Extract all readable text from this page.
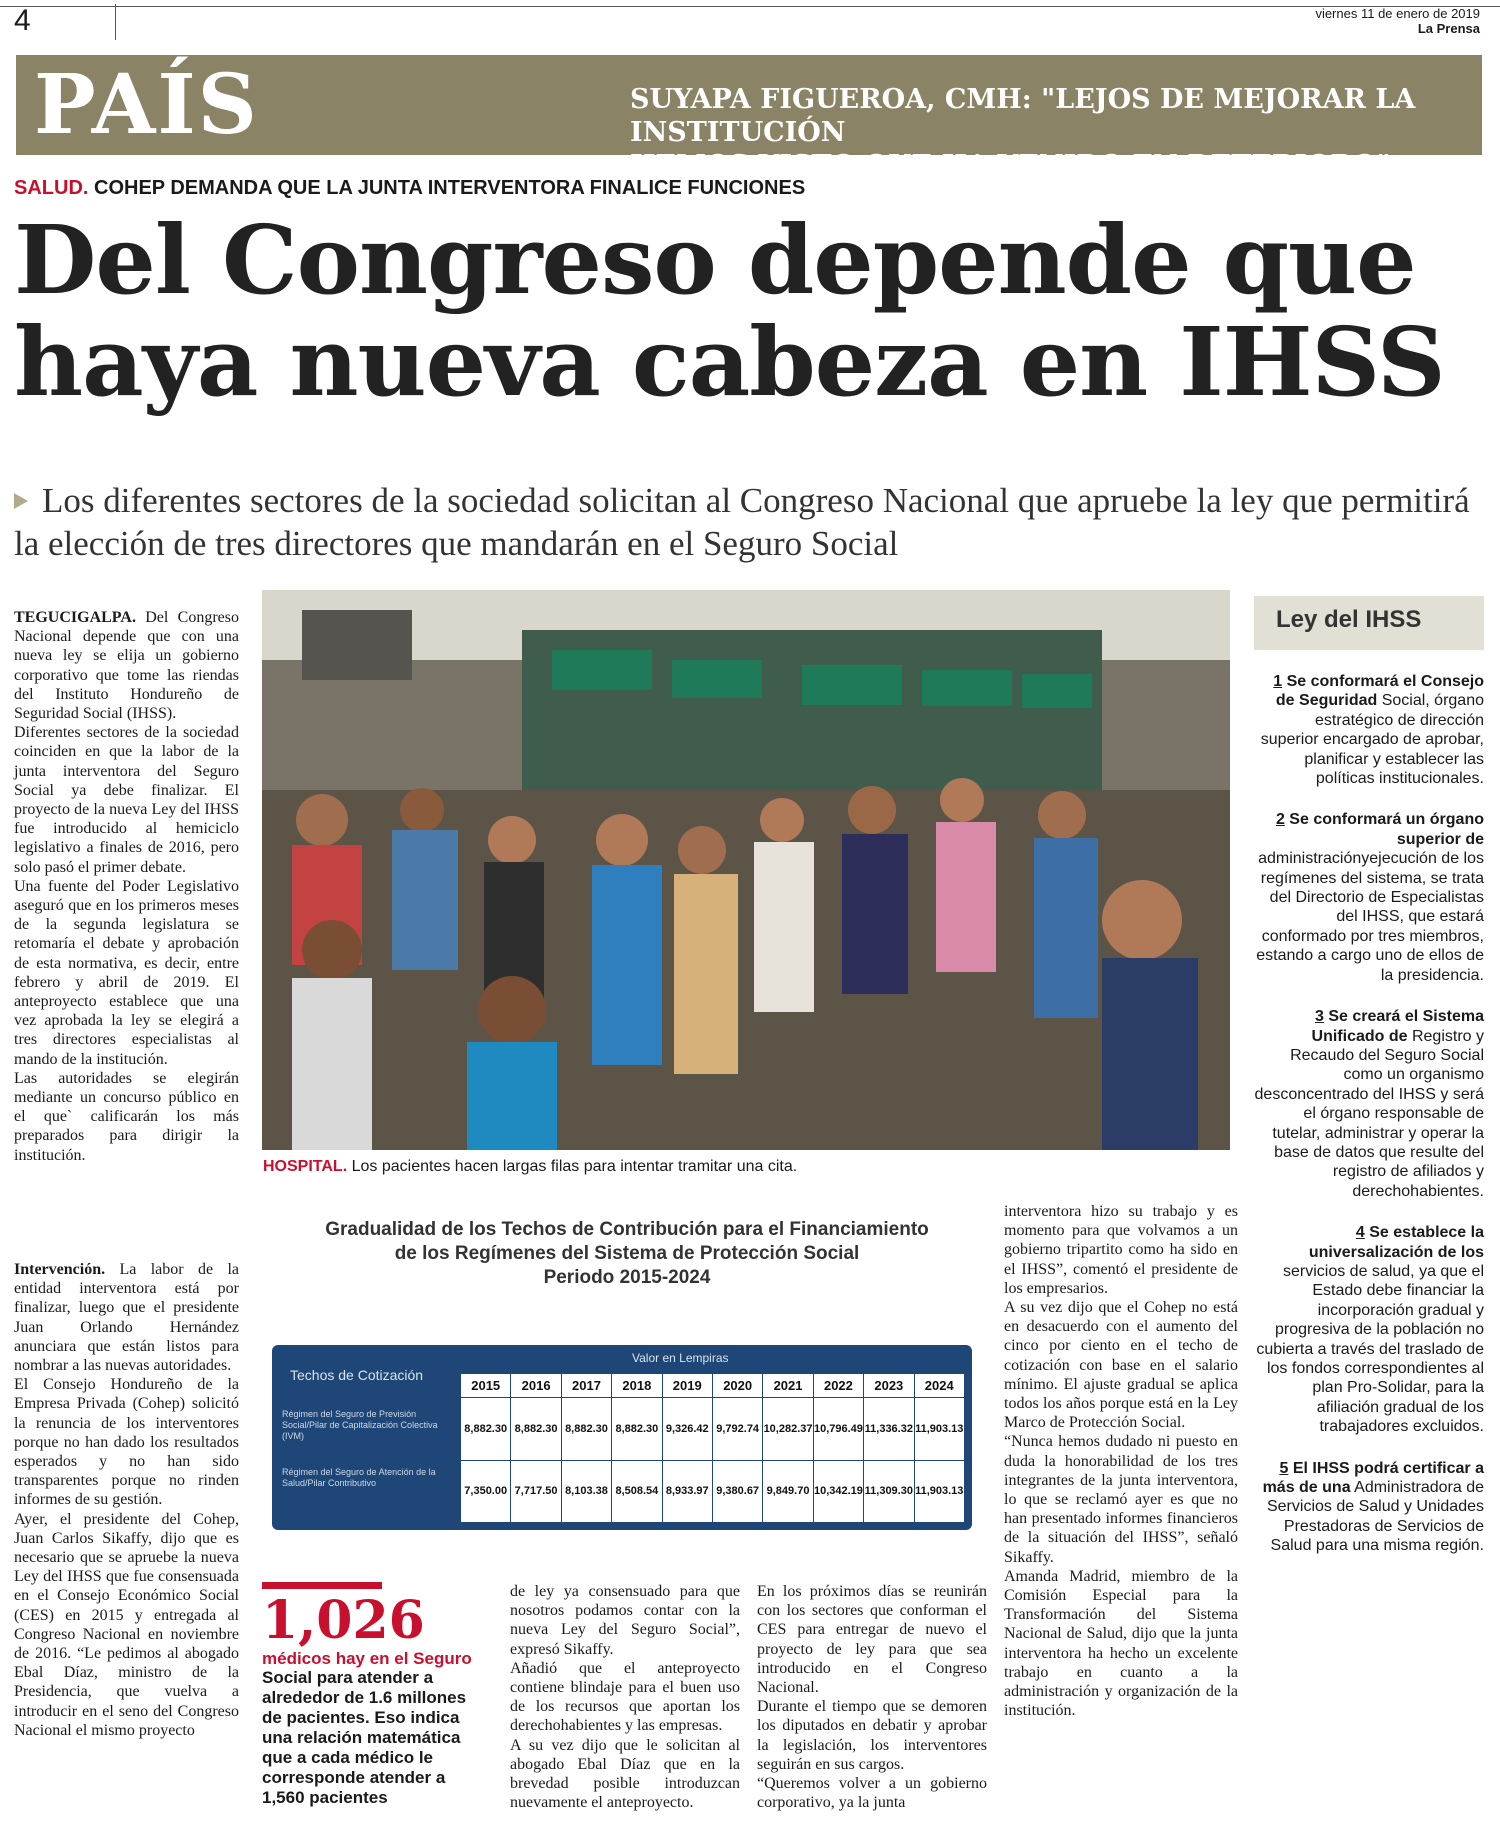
4	viernes 11 de enero de 2019
La Prensa
PAÍS	SUYAPA FIGUEROA, CMH: "LEJOS DE MEJORAR LA INSTITUCIÓN
HEMOS VISTO QUE HA VENIDO EN DETERIORO"
SALUD. COHEP DEMANDA QUE LA JUNTA INTERVENTORA FINALICE FUNCIONES
Del Congreso depende que
haya nueva cabeza en IHSS
Los diferentes sectores de la sociedad solicitan al Congreso Nacional que apruebe la ley que permitirá la elección de tres directores que mandarán en el Seguro Social

TEGUCIGALPA. Del Congreso Nacional depende que con una nueva ley se elija un gobierno corporativo que tome las riendas del Instituto Hondureño de Seguridad Social (IHSS).

Diferentes sectores de la sociedad coinciden en que la labor de la junta interventora del Seguro Social ya debe finalizar. El proyecto de la nueva Ley del IHSS fue introducido al hemiciclo legislativo a finales de 2016, pero solo pasó el primer debate.

Una fuente del Poder Legislativo aseguró que en los primeros meses de la segunda legislatura se retomaría el debate y aprobación de esta normativa, es decir, entre febrero y abril de 2019. El anteproyecto establece que una vez aprobada la ley se elegirá a tres directores especialistas al mando de la institución.

Las autoridades se elegirán mediante un concurso público en el que` calificarán los más preparados para dirigir la institución.

Intervención. La labor de la entidad interventora está por finalizar, luego que el presidente Juan Orlando Hernández anunciara que están listos para nombrar a las nuevas autoridades.

El Consejo Hondureño de la Empresa Privada (Cohep) solicitó la renuncia de los interventores porque no han dado los resultados esperados y no han sido transparentes porque no rinden informes de su gestión.

Ayer, el presidente del Cohep, Juan Carlos Sikaffy, dijo que es necesario que se apruebe la nueva Ley del IHSS que fue consensuada en el Consejo Económico Social (CES) en 2015 y entregada al Congreso Nacional en noviembre de 2016. “Le pedimos al abogado Ebal Díaz, ministro de la Presidencia, que vuelva a introducir en el seno del Congreso Nacional el mismo proyecto

HOSPITAL. Los pacientes hacen largas filas para intentar tramitar una cita.
Gradualidad de los Techos de Contribución para el Financiamiento
de los Regímenes del Sistema de Protección Social
Periodo 2015-2024
Techos de Cotización
Valor en Lempiras
Régimen del Seguro de Previsión Social/Pilar de Capitalización Colectiva (IVM)
Régimen del Seguro de Atención de la Salud/Pilar Contributivo
2015	2016	2017	2018	2019	2020	2021	2022	2023	2024
8,882.30	8,882.30	8,882.30	8,882.30	9,326.42	9,792.74	10,282.37	10,796.49	11,336.32	11,903.13
7,350.00	7,717.50	8,103.38	8,508.54	8,933.97	9,380.67	9,849.70	10,342.19	11,309.30	11,903.13
1,026
médicos hay en el Seguro
Social para atender a alrededor de 1.6 millones de pacientes. Eso indica una relación matemática que a cada médico le corresponde atender a 1,560 pacientes

de ley ya consensuado para que nosotros podamos contar con la nueva Ley del Seguro Social”, expresó Sikaffy.

Añadió que el anteproyecto contiene blindaje para el buen uso de los recursos que aportan los derechohabientes y las empresas.

A su vez dijo que le solicitan al abogado Ebal Díaz que en la brevedad posible introduzcan nuevamente el anteproyecto.

En los próximos días se reunirán con los sectores que conforman el CES para entregar de nuevo el proyecto de ley para que sea introducido en el Congreso Nacional.

Durante el tiempo que se demoren los diputados en debatir y aprobar la legislación, los interventores seguirán en sus cargos.

“Queremos volver a un gobierno corporativo, ya la junta

interventora hizo su trabajo y es momento para que volvamos a un gobierno tripartito como ha sido en el IHSS”, comentó el presidente de los empresarios.

A su vez dijo que el Cohep no está en desacuerdo con el aumento del cinco por ciento en el techo de cotización con base en el salario mínimo. El ajuste gradual se aplica todos los años porque está en la Ley Marco de Protección Social.

“Nunca hemos dudado ni puesto en duda la honorabilidad de los tres integrantes de la junta interventora, lo que se reclamó ayer es que no han presentado informes financieros de la situación del IHSS”, señaló Sikaffy.

Amanda Madrid, miembro de la Comisión Especial para la Transformación del Sistema Nacional de Salud, dijo que la junta interventora ha hecho un excelente trabajo en cuanto a la administración y organización de la institución.

Ley del IHSS
1 Se conformará el Consejo de Seguridad Social, órgano estratégico de dirección superior encargado de aprobar, planificar y establecer las políticas institucionales.
2 Se conformará un órgano superior de administraciónyejecución de los regímenes del sistema, se trata del Directorio de Especialistas del IHSS, que estará conformado por tres miembros, estando a cargo uno de ellos de la presidencia.
3 Se creará el Sistema Unificado de Registro y Recaudo del Seguro Social como un organismo desconcentrado del IHSS y será el órgano responsable de tutelar, administrar y operar la base de datos que resulte del registro de afiliados y derechohabientes.
4 Se establece la universalización de los servicios de salud, ya que el Estado debe financiar la incorporación gradual y progresiva de la población no cubierta a través del traslado de los fondos correspondientes al plan Pro-Solidar, para la afiliación gradual de los trabajadores excluidos.
5 El IHSS podrá certificar a más de una Administradora de Servicios de Salud y Unidades Prestadoras de Servicios de Salud para una misma región.
